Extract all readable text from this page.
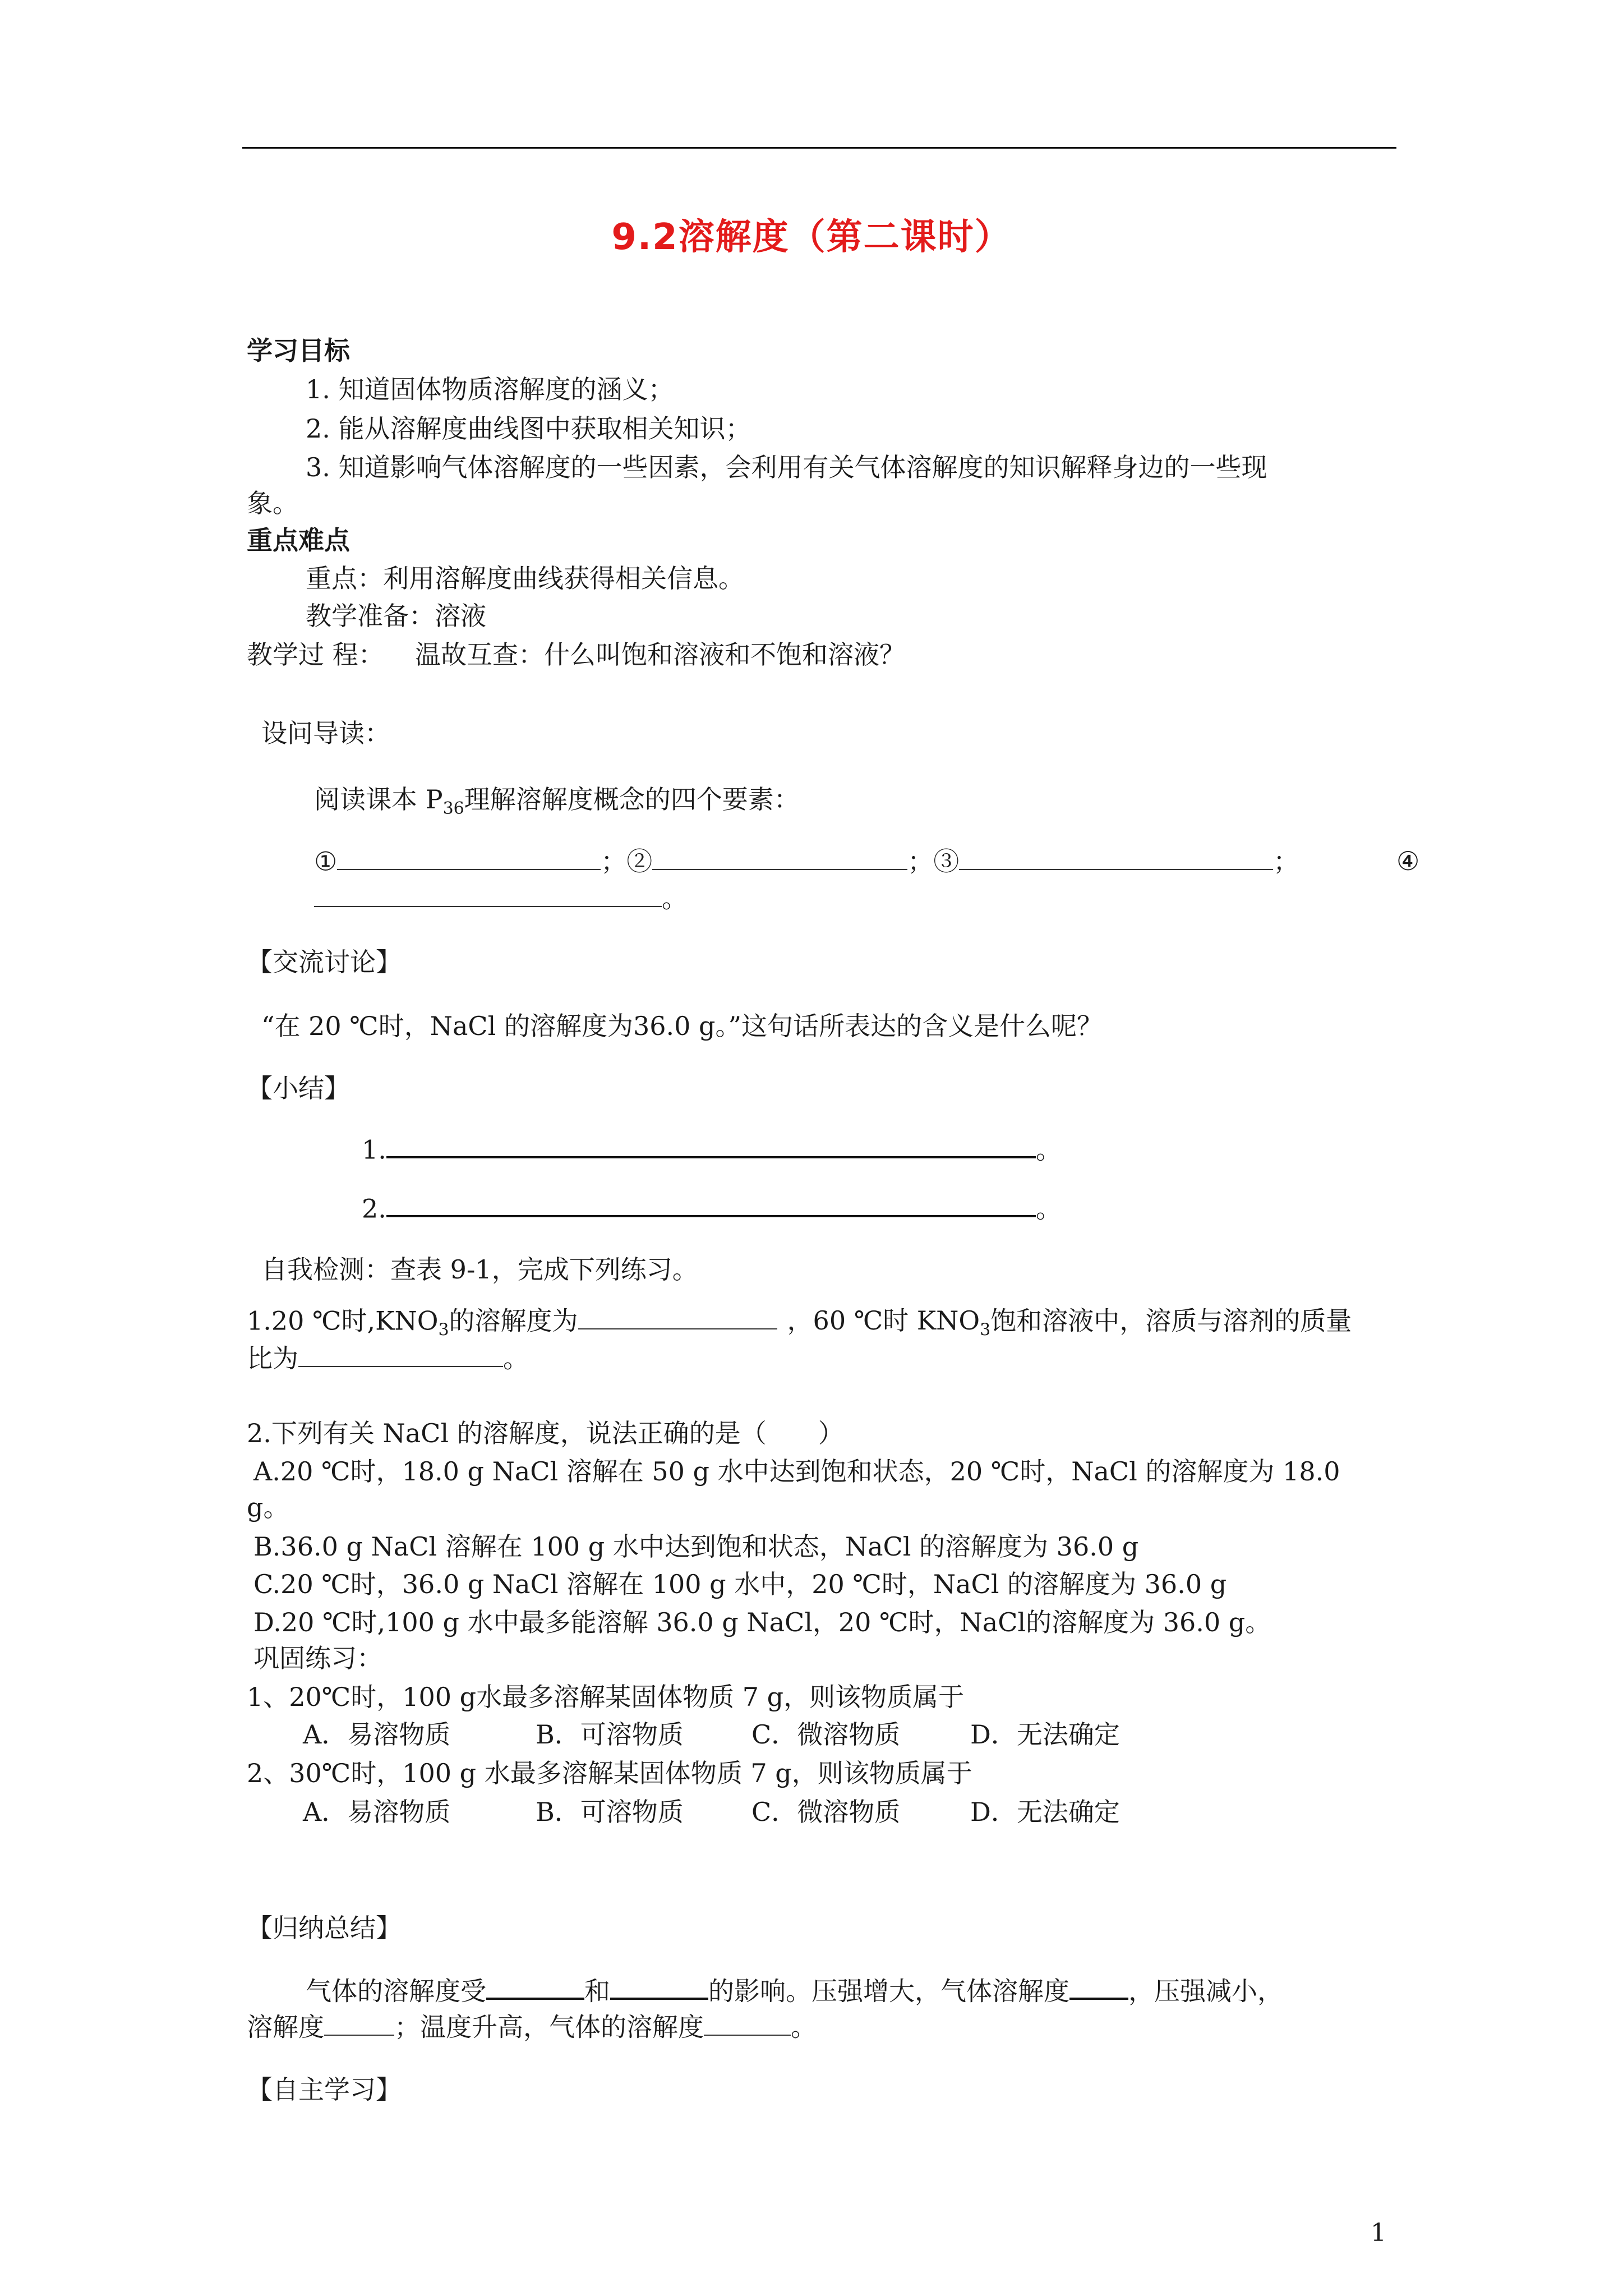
9.2溶解度（第二课时）
学习目标
1. 知道固体物质溶解度的涵义；
2. 能从溶解度曲线图中获取相关知识；
3. 知道影响气体溶解度的一些因素，会利用有关气体溶解度的知识解释身边的一些现
象。
重点难点
重点：利用溶解度曲线获得相关信息。
教学准备：溶液
教学过 程： 温故互查：什么叫饱和溶液和不饱和溶液？
设问导读：
阅读课本 $P_{36}$理解溶解度概念的四个要素：
①	；②	；③	；	④
。
【交流讨论】
“在 20 ℃时，NaCl 的溶解度为36.0 g。”这句话所表达的含义是什么呢？
【小结】
1.	。
2.	。
自我检测：查表 9-1，完成下列练习。
1.20 ℃时$,KNO_3$的溶解度为	，60 ℃时 $KNO_3$饱和溶液中，溶质与溶剂的质量
比为	。
2.下列有关 NaCl 的溶解度，说法正确的是（　　）
A.20 ℃时，18.0 g NaCl 溶解在 50 g 水中达到饱和状态，20 ℃时，NaCl 的溶解度为 18.0
g。
B.36.0 g NaCl 溶解在 100 g 水中达到饱和状态，NaCl 的溶解度为 36.0 g
C.20 ℃时，36.0 g NaCl 溶解在 100 g 水中，20 ℃时，NaCl 的溶解度为 36.0 g
D.20 ℃时,100 g 水中最多能溶解 36.0 g NaCl，20 ℃时，NaCl的溶解度为 36.0 g。
巩固练习：
1、20℃时，100 g水最多溶解某固体物质 7 g，则该物质属于
A．易溶物质	B．可溶物质	C．微溶物质	D．无法确定
2、30℃时，100 g 水最多溶解某固体物质 7 g，则该物质属于
A．易溶物质	B．可溶物质	C．微溶物质	D．无法确定
【归纳总结】
气体的溶解度受	和	的影响。压强增大，气体溶解度 ，压强减小，
溶解度	；温度升高，气体的溶解度	。
【自主学习】
1
